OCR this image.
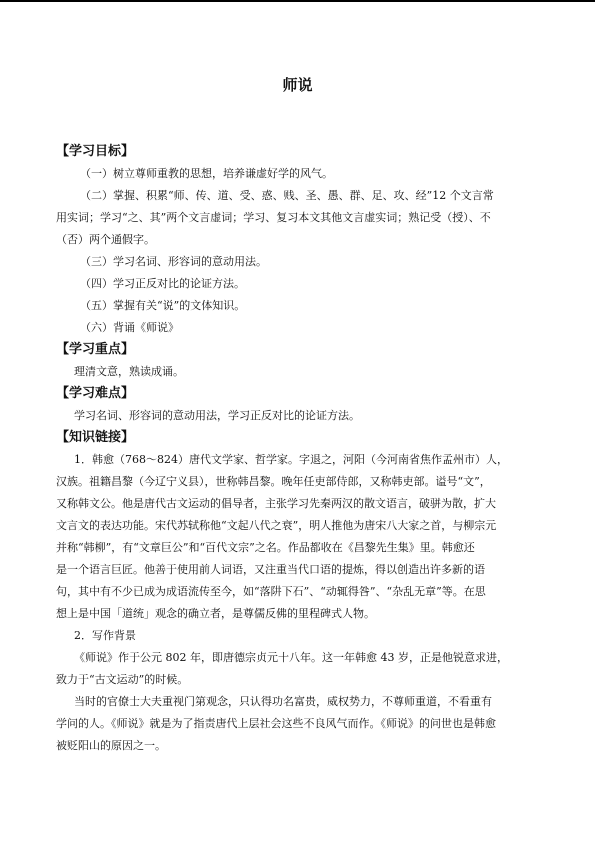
师说
【学习目标】
（一）树立尊师重教的思想，培养谦虚好学的风气。
（二）掌握、积累“师、传、道、受、惑、贱、圣、愚、群、足、攻、经”12 个文言常
用实词；学习“之、其”两个文言虚词；学习、复习本文其他文言虚实词；熟记受（授）、不
（否）两个通假字。
（三）学习名词、形容词的意动用法。
（四）学习正反对比的论证方法。
（五）掌握有关“说”的文体知识。
（六）背诵《师说》
【学习重点】
理清文意，熟读成诵。
【学习难点】
学习名词、形容词的意动用法，学习正反对比的论证方法。
【知识链接】
1．韩愈（768～824）唐代文学家、哲学家。字退之，河阳（今河南省焦作孟州市）人，
汉族。祖籍昌黎（今辽宁义县），世称韩昌黎。晚年任吏部侍郎，又称韩吏部。谥号“文”，
又称韩文公。他是唐代古文运动的倡导者，主张学习先秦两汉的散文语言，破骈为散，扩大
文言文的表达功能。宋代苏轼称他“文起八代之衰”，明人推他为唐宋八大家之首，与柳宗元
并称“韩柳”，有“文章巨公”和“百代文宗”之名。作品都收在《昌黎先生集》里。韩愈还
是一个语言巨匠。他善于使用前人词语，又注重当代口语的提炼，得以创造出许多新的语
句，其中有不少已成为成语流传至今，如“落阱下石”、“动辄得咎”、“杂乱无章”等。在思
想上是中国「道统」观念的确立者，是尊儒反佛的里程碑式人物。
2．写作背景
《师说》作于公元 802 年，即唐德宗贞元十八年。这一年韩愈 43 岁，正是他锐意求进，
致力于“古文运动”的时候。
当时的官僚士大夫重视门第观念，只认得功名富贵，威权势力，不尊师重道，不看重有
学问的人。《师说》就是为了指责唐代上层社会这些不良风气而作。《师说》的问世也是韩愈
被贬阳山的原因之一。
